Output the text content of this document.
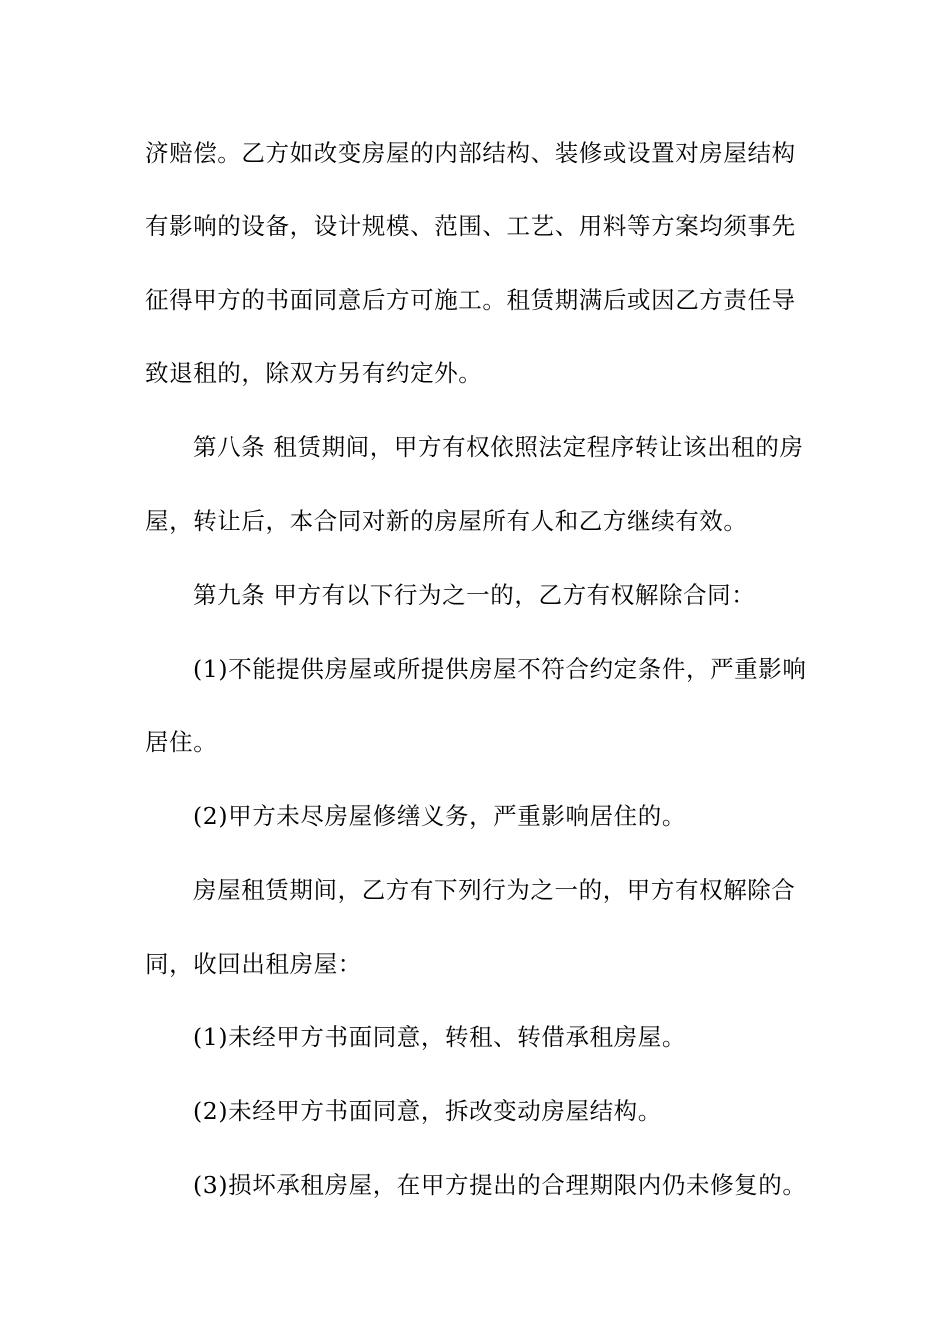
济赔偿。乙方如改变房屋的内部结构、装修或设置对房屋结构
有影响的设备，设计规模、范围、工艺、用料等方案均须事先
征得甲方的书面同意后方可施工。租赁期满后或因乙方责任导
致退租的，除双方另有约定外。
第八条 租赁期间，甲方有权依照法定程序转让该出租的房
屋，转让后，本合同对新的房屋所有人和乙方继续有效。
第九条 甲方有以下行为之一的，乙方有权解除合同：
(1)不能提供房屋或所提供房屋不符合约定条件，严重影响
居住。
(2)甲方未尽房屋修缮义务，严重影响居住的。
房屋租赁期间，乙方有下列行为之一的，甲方有权解除合
同，收回出租房屋：
(1)未经甲方书面同意，转租、转借承租房屋。
(2)未经甲方书面同意，拆改变动房屋结构。
(3)损坏承租房屋，在甲方提出的合理期限内仍未修复的。
